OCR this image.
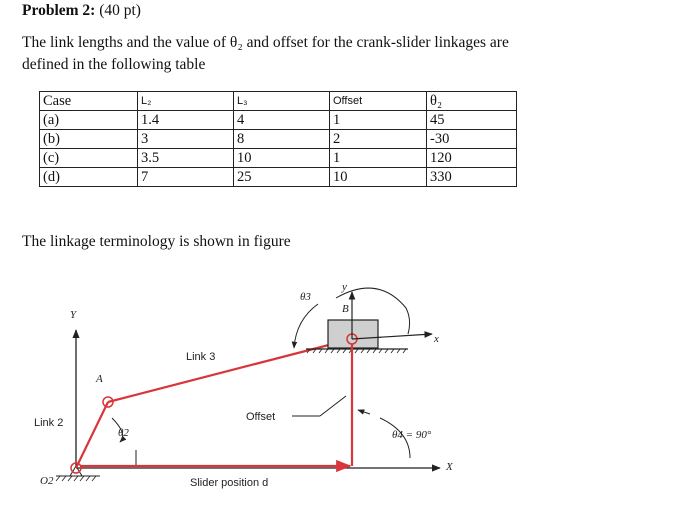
Problem 2: (40 pt)
The link lengths and the value of θ₂ and offset for the crank-slider linkages are
defined in the following table
Case	L₂	L₃	Offset	θ₂
(a)	1.4	4	1	45
(b)	3	8	2	-30
(c)	3.5	10	1	120
(d)	7	25	10	330
The linkage terminology is shown in figure
Y
X
O2
A
Link 2
θ2
Link 3
B
y
x
θ3
Offset
Slider position d
θ4 = 90°
